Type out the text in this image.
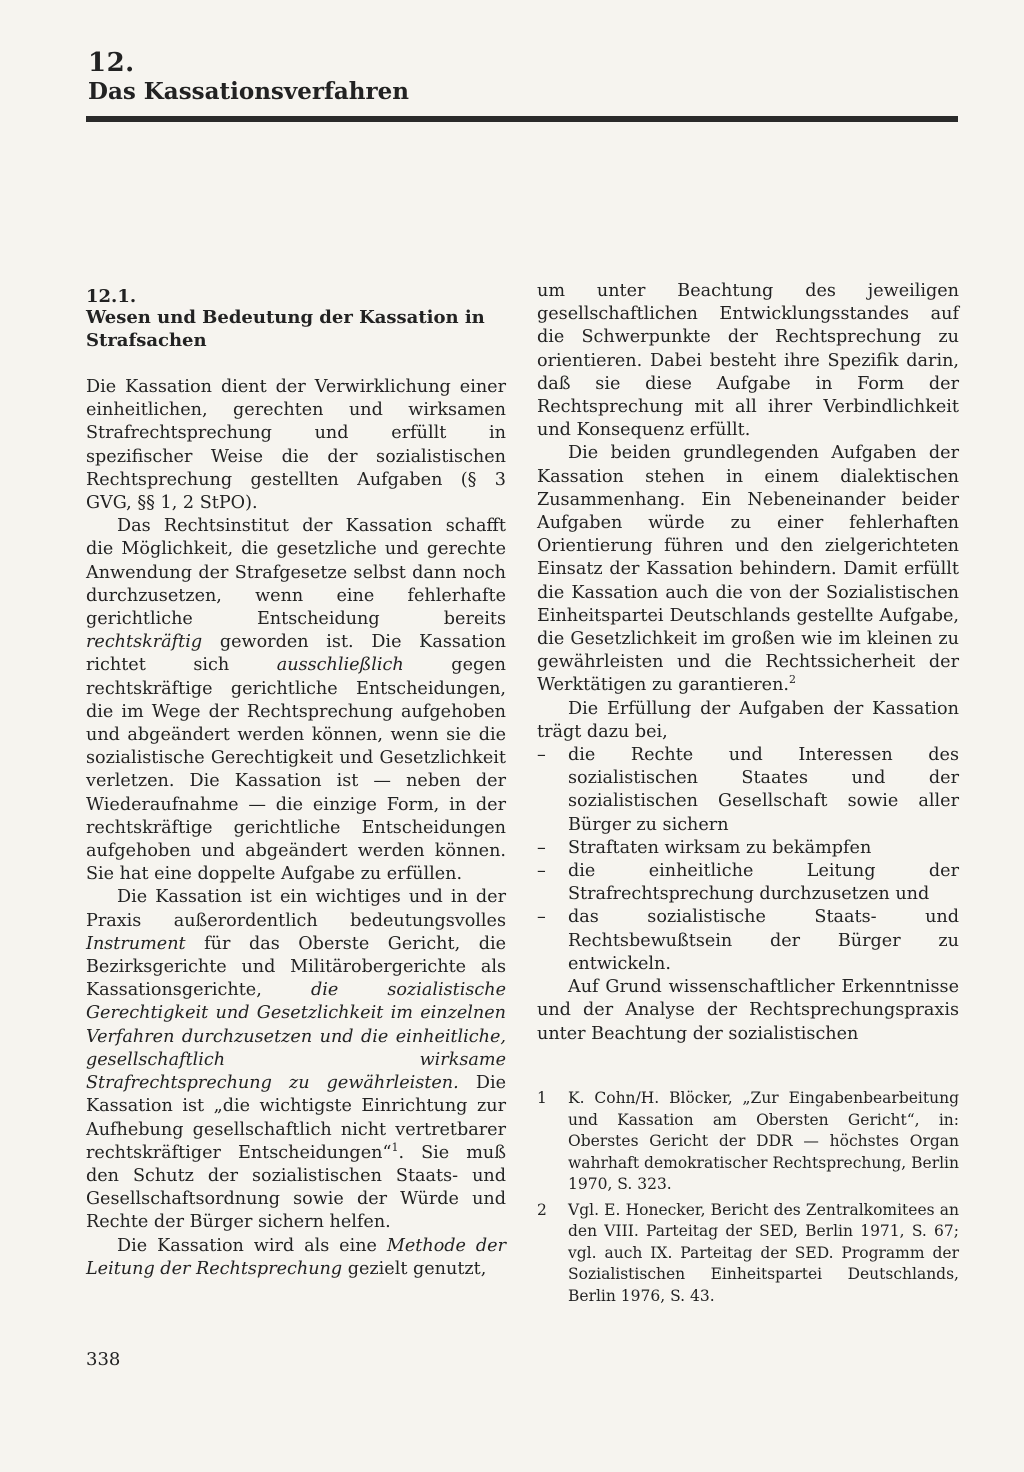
12.
Das Kassationsverfahren
12.1.
Wesen und Bedeutung der Kassation in Strafsachen

Die Kassation dient der Verwirklichung einer einheitlichen, gerechten und wirksamen Strafrechtsprechung und erfüllt in spezifischer Weise die der sozialistischen Rechtsprechung gestellten Aufgaben (§ 3 GVG, §§ 1, 2 StPO).

Das Rechtsinstitut der Kassation schafft die Möglichkeit, die gesetzliche und gerechte Anwendung der Strafgesetze selbst dann noch durchzusetzen, wenn eine fehlerhafte gerichtliche Entscheidung bereits rechtskräftig geworden ist. Die Kassation richtet sich ausschließlich gegen rechtskräftige gerichtliche Entscheidungen, die im Wege der Rechtsprechung aufgehoben und abgeändert werden können, wenn sie die sozialistische Gerechtigkeit und Gesetzlichkeit verletzen. Die Kassation ist — neben der Wiederaufnahme — die einzige Form, in der rechtskräftige gerichtliche Entscheidungen aufgehoben und abgeändert werden können. Sie hat eine doppelte Aufgabe zu erfüllen.

Die Kassation ist ein wichtiges und in der Praxis außerordentlich bedeutungsvolles Instrument für das Oberste Gericht, die Bezirksgerichte und Militärobergerichte als Kassationsgerichte, die sozialistische Gerechtigkeit und Gesetzlichkeit im einzelnen Verfahren durchzusetzen und die einheitliche, gesellschaftlich wirksame Strafrechtsprechung zu gewährleisten. Die Kassation ist „die wichtigste Einrichtung zur Aufhebung gesellschaftlich nicht vertretbarer rechtskräftiger Entscheidungen“$^1$. Sie muß den Schutz der sozialistischen Staats- und Gesellschaftsordnung sowie der Würde und Rechte der Bürger sichern helfen.

Die Kassation wird als eine Methode der Leitung der Rechtsprechung gezielt genutzt,

um unter Beachtung des jeweiligen gesellschaftlichen Entwicklungsstandes auf die Schwerpunkte der Rechtsprechung zu orientieren. Dabei besteht ihre Spezifik darin, daß sie diese Aufgabe in Form der Rechtsprechung mit all ihrer Verbindlichkeit und Konsequenz erfüllt.

Die beiden grundlegenden Aufgaben der Kassation stehen in einem dialektischen Zusammenhang. Ein Nebeneinander beider Aufgaben würde zu einer fehlerhaften Orientierung führen und den zielgerichteten Einsatz der Kassation behindern. Damit erfüllt die Kassation auch die von der Sozialistischen Einheitspartei Deutschlands gestellte Aufgabe, die Gesetzlichkeit im großen wie im kleinen zu gewährleisten und die Rechtssicherheit der Werktätigen zu garantieren.$^2$

Die Erfüllung der Aufgaben der Kassation trägt dazu bei,

– die Rechte und Interessen des sozialistischen Staates und der sozialistischen Gesellschaft sowie aller Bürger zu sichern
– Straftaten wirksam zu bekämpfen
– die einheitliche Leitung der Strafrechtsprechung durchzusetzen und
– das sozialistische Staats- und Rechtsbewußtsein der Bürger zu entwickeln.

Auf Grund wissenschaftlicher Erkenntnisse und der Analyse der Rechtsprechungspraxis unter Beachtung der sozialistischen

1 K. Cohn/H. Blöcker, „Zur Eingabenbearbeitung und Kassation am Obersten Gericht“, in: Oberstes Gericht der DDR — höchstes Organ wahrhaft demokratischer Rechtsprechung, Berlin 1970, S. 323.
2 Vgl. E. Honecker, Bericht des Zentralkomitees an den VIII. Parteitag der SED, Berlin 1971, S. 67; vgl. auch IX. Parteitag der SED. Programm der Sozialistischen Einheitspartei Deutschlands, Berlin 1976, S. 43.
338
